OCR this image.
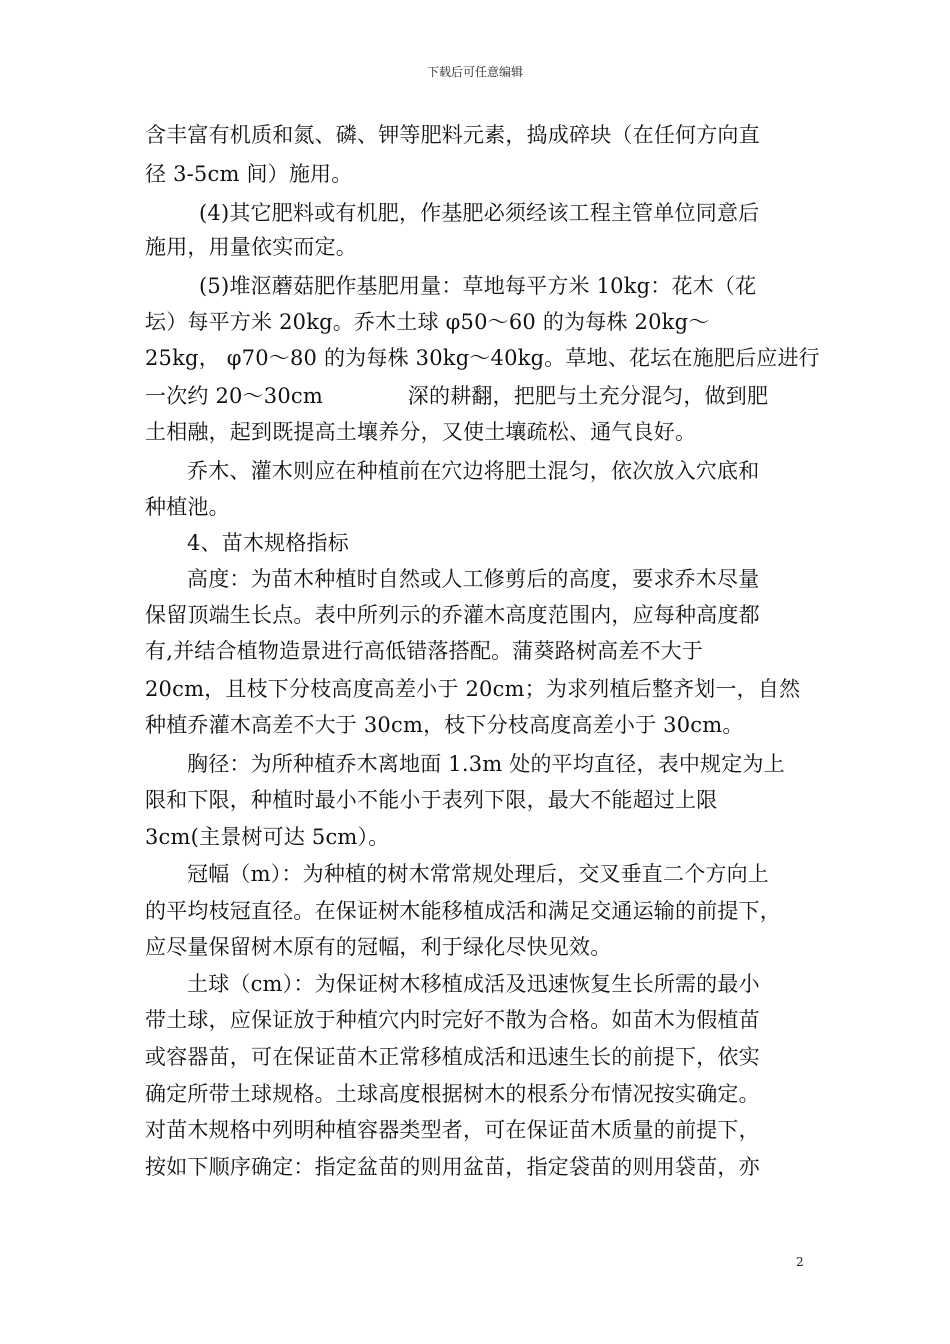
下载后可任意编辑
含丰富有机质和氮、磷、钾等肥料元素，捣成碎块（在任何方向直
径 3-5cm 间）施用。
(4)其它肥料或有机肥，作基肥必须经该工程主管单位同意后
施用，用量依实而定。
(5)堆沤蘑菇肥作基肥用量：草地每平方米 10kg：花木（花
坛）每平方米 20kg。乔木土球 φ50～60 的为每株 20kg～
25kg， φ70～80 的为每株 30kg～40kg。草地、花坛在施肥后应进行
一次约 20～30cm　　　　深的耕翻，把肥与土充分混匀，做到肥
土相融，起到既提高土壤养分，又使土壤疏松、通气良好。
乔木、灌木则应在种植前在穴边将肥土混匀，依次放入穴底和
种植池。
4、苗木规格指标
高度：为苗木种植时自然或人工修剪后的高度，要求乔木尽量
保留顶端生长点。表中所列示的乔灌木高度范围内，应每种高度都
有,并结合植物造景进行高低错落搭配。蒲葵路树高差不大于
20cm，且枝下分枝高度高差小于 20cm；为求列植后整齐划一，自然
种植乔灌木高差不大于 30cm，枝下分枝高度高差小于 30cm。
胸径：为所种植乔木离地面 1.3m 处的平均直径，表中规定为上
限和下限，种植时最小不能小于表列下限，最大不能超过上限
3cm(主景树可达 5cm）。
冠幅（m）：为种植的树木常常规处理后，交叉垂直二个方向上
的平均枝冠直径。在保证树木能移植成活和满足交通运输的前提下，
应尽量保留树木原有的冠幅，利于绿化尽快见效。
土球（cm）：为保证树木移植成活及迅速恢复生长所需的最小
带土球，应保证放于种植穴内时完好不散为合格。如苗木为假植苗
或容器苗，可在保证苗木正常移植成活和迅速生长的前提下，依实
确定所带土球规格。土球高度根据树木的根系分布情况按实确定。
对苗木规格中列明种植容器类型者，可在保证苗木质量的前提下，
按如下顺序确定：指定盆苗的则用盆苗，指定袋苗的则用袋苗，亦
2
